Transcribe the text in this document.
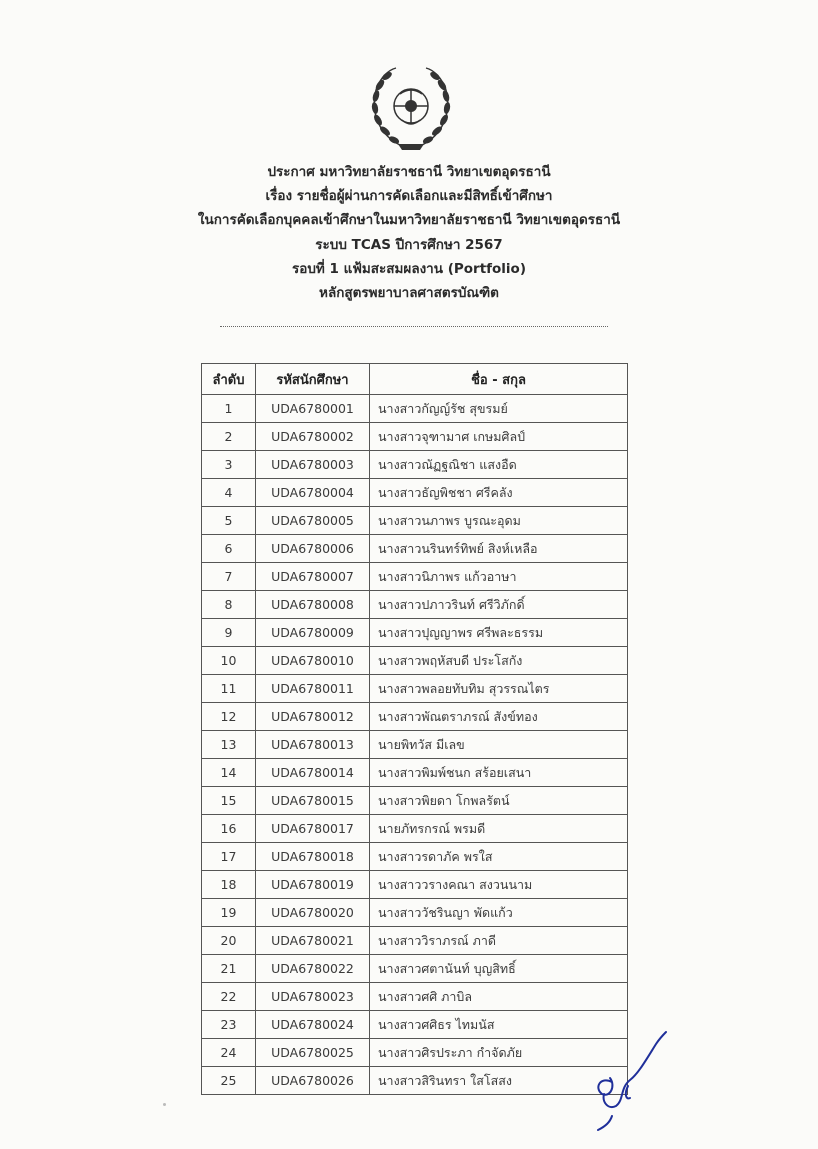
ประกาศ มหาวิทยาลัยราชธานี วิทยาเขตอุดรธานี
เรื่อง รายชื่อผู้ผ่านการคัดเลือกและมีสิทธิ์เข้าศึกษา
ในการคัดเลือกบุคคลเข้าศึกษาในมหาวิทยาลัยราชธานี วิทยาเขตอุดรธานี
ระบบ TCAS ปีการศึกษา 2567
รอบที่ 1 แฟ้มสะสมผลงาน (Portfolio)
หลักสูตรพยาบาลศาสตรบัณฑิต
ลำดับ	รหัสนักศึกษา	ชื่อ - สกุล
1	UDA6780001	นางสาวกัญญ์รัช สุขรมย์
2	UDA6780002	นางสาวจุฑามาศ เกษมศิลป์
3	UDA6780003	นางสาวณัฏฐณิชา แสงอืด
4	UDA6780004	นางสาวธัญพิชชา ศรีคลัง
5	UDA6780005	นางสาวนภาพร บูรณะอุดม
6	UDA6780006	นางสาวนรินทร์ทิพย์ สิงห์เหลือ
7	UDA6780007	นางสาวนิภาพร แก้วอาษา
8	UDA6780008	นางสาวปภาวรินท์ ศรีวิภักดิ์
9	UDA6780009	นางสาวปุญญาพร ศรีพละธรรม
10	UDA6780010	นางสาวพฤหัสบดี ประโสกัง
11	UDA6780011	นางสาวพลอยทับทิม สุวรรณไตร
12	UDA6780012	นางสาวพัณตราภรณ์ สังข์ทอง
13	UDA6780013	นายพิทวัส มีเลข
14	UDA6780014	นางสาวพิมพ์ชนก สร้อยเสนา
15	UDA6780015	นางสาวพิยดา โกพลรัตน์
16	UDA6780017	นายภัทรกรณ์ พรมดี
17	UDA6780018	นางสาวรดาภัค พรใส
18	UDA6780019	นางสาววรางคณา สงวนนาม
19	UDA6780020	นางสาววัชรินญา พัดแก้ว
20	UDA6780021	นางสาววิราภรณ์ ภาดี
21	UDA6780022	นางสาวศตานันท์ บุญสิทธิ์
22	UDA6780023	นางสาวศศิ ภาบิล
23	UDA6780024	นางสาวศศิธร ไทมนัส
24	UDA6780025	นางสาวศิรประภา กำจัดภัย
25	UDA6780026	นางสาวสิรินทรา ใสโสสง
